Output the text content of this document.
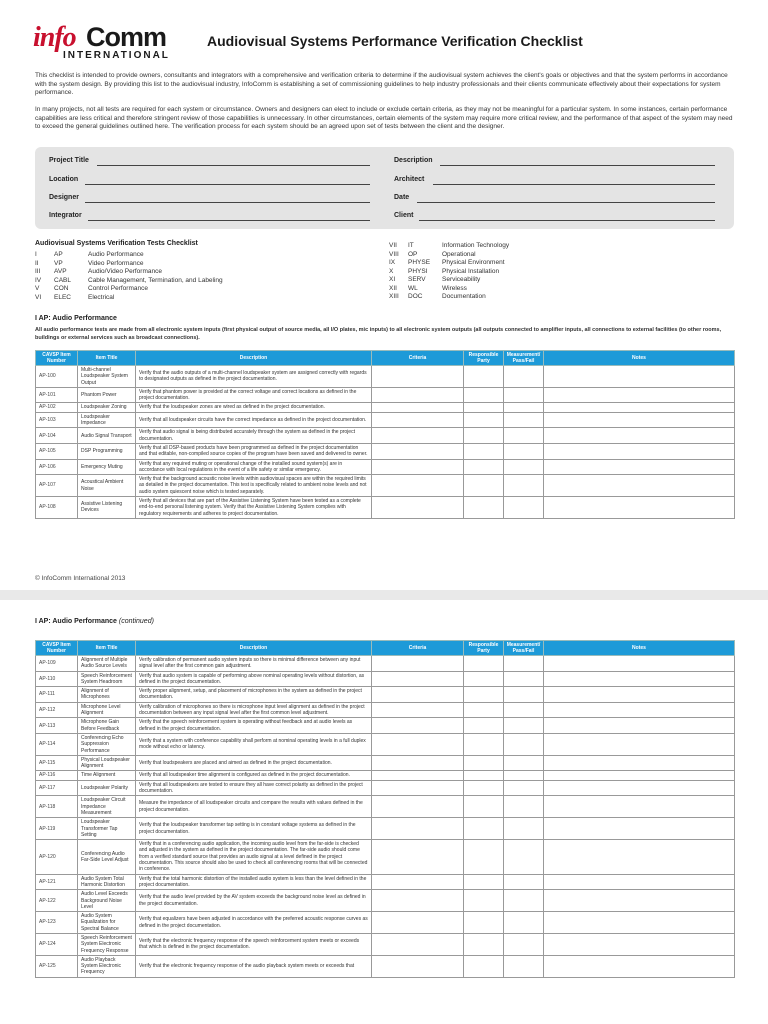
info Comm
INTERNATIONAL
Audiovisual Systems Performance Verification Checklist

This checklist is intended to provide owners, consultants and integrators with a comprehensive and verification criteria to determine if the audiovisual system achieves the client's goals or objectives and that the system performs in accordance with the system design. By providing this list to the audiovisual industry, InfoComm is establishing a set of commissioning guidelines to help industry professionals and their clients communicate effectively about their expectations for system performance.

In many projects, not all tests are required for each system or circumstance. Owners and designers can elect to include or exclude certain criteria, as they may not be meaningful for a particular system. In some instances, certain performance capabilities are less critical and therefore stringent review of those capabilities is unnecessary. In other circumstances, certain elements of the system may require more critical review, and the performance of that aspect of the system may need to exceed the general guidelines outlined here. The verification process for each system should be an agreed upon set of tests between the client and the designer.

Project Title
Location
Designer
Integrator
Description
Architect
Date
Client
Audiovisual Systems Verification Tests Checklist
I	AP	Audio Performance
II VP	Video Performance
III AVP	Audio/Video Performance
IV CABL	Cable Management, Termination, and Labeling
V CON	Control Performance
VI ELEC	Electrical
VII IT	Information Technology
VIII OP	Operational
IX PHYSE Physical Environment
X PHYSI Physical Installation
XI SERV	Serviceability
XII WL	Wireless
XIII DOC	Documentation
I AP: Audio Performance

All audio performance tests are made from all electronic system inputs (first physical output of source media, all I/O plates, mic inputs) to all electronic system outputs (all outputs connected to amplifier inputs, all connections to external facilities (to other rooms, buildings or external services such as broadcast connections).

CAVSP Item Number	Item Title	Description	Criteria	Responsible Party	Measurement/ Pass/Fail	Notes
AP-100	Multi-channel Loudspeaker System Output	Verify that the audio outputs of a multi-channel loudspeaker system are assigned correctly with regards to designated outputs as defined in the project documentation.				
AP-101	Phantom Power	Verify that phantom power is provided at the correct voltage and correct locations as defined in the project documentation.				
AP-102	Loudspeaker Zoning	Verify that the loudspeaker zones are wired as defined in the project documentation.				
AP-103	Loudspeaker Impedance	Verify that all loudspeaker circuits have the correct impedance as defined in the project documentation.				
AP-104	Audio Signal Transport	Verify that audio signal is being distributed accurately through the system as defined in the project documentation.				
AP-105	DSP Programming	Verify that all DSP-based products have been programmed as defined in the project documentation and that editable, non-compiled source copies of the program have been saved and delivered to owner.				
AP-106	Emergency Muting	Verify that any required muting or operational change of the installed sound system(s) are in accordance with local regulations in the event of a life safety or similar emergency.				
AP-107	Acoustical Ambient Noise	Verify that the background acoustic noise levels within audiovisual spaces are within the required limits as detailed in the project documentation. This test is specifically related to ambient noise levels and not audio system quiescent noise which is tested separately.				
AP-108	Assistive Listening Devices	Verify that all devices that are part of the Assistive Listening System have been tested as a complete end-to-end personal listening system. Verify that the Assistive Listening System complies with regulatory requirements and adheres to project documentation.				
© InfoComm International 2013
I AP: Audio Performance (continued)
CAVSP Item Number	Item Title	Description	Criteria	Responsible Party	Measurement/ Pass/Fail	Notes
AP-109	Alignment of Multiple Audio Source Levels	Verify calibration of permanent audio system inputs so there is minimal difference between any input signal level after the first common gain adjustment.				
AP-110	Speech Reinforcement System Headroom	Verify that audio system is capable of performing above nominal operating levels without distortion, as defined in the project documentation.				
AP-111	Alignment of Microphones	Verify proper alignment, setup, and placement of microphones in the system as defined in the project documentation.				
AP-112	Microphone Level Alignment	Verify calibration of microphones so there is microphone input level alignment as defined in the project documentation between any input signal level after the first common level adjustment.				
AP-113	Microphone Gain Before Feedback	Verify that the speech reinforcement system is operating without feedback and at audio levels as defined in the project documentation.				
AP-114	Conferencing Echo Suppression Performance	Verify that a system with conference capability shall perform at nominal operating levels in a full duplex mode without echo or latency.				
AP-115	Physical Loudspeaker Alignment	Verify that loudspeakers are placed and aimed as defined in the project documentation.				
AP-116	Time Alignment	Verify that all loudspeaker time alignment is configured as defined in the project documentation.				
AP-117	Loudspeaker Polarity	Verify that all loudspeakers are tested to ensure they all have correct polarity as defined in the project documentation.				
AP-118	Loudspeaker Circuit Impedance Measurement	Measure the impedance of all loudspeaker circuits and compare the results with values defined in the project documentation.				
AP-119	Loudspeaker Transformer Tap Setting	Verify that the loudspeaker transformer tap setting is in constant voltage systems as defined in the project documentation.				
AP-120	Conferencing Audio Far-Side Level Adjust	Verify that in a conferencing audio application, the incoming audio level from the far-side is checked and adjusted in the system as defined in the project documentation. The far-side audio should come from a verified standard source that provides an audio signal at a level defined in the project documentation. This source should also be used to check all conferencing rooms that will be connected in conference.				
AP-121	Audio System Total Harmonic Distortion	Verify that the total harmonic distortion of the installed audio system is less than the level defined in the project documentation.				
AP-122	Audio Level Exceeds Background Noise Level	Verify that the audio level provided by the AV system exceeds the background noise level as defined in the project documentation.				
AP-123	Audio System Equalization for Spectral Balance	Verify that equalizers have been adjusted in accordance with the preferred acoustic response curves as defined in the project documentation.				
AP-124	Speech Reinforcement System Electronic Frequency Response	Verify that the electronic frequency response of the speech reinforcement system meets or exceeds that which is defined in the project documentation.				
AP-125	Audio Playback System Electronic Frequency	Verify that the electronic frequency response of the audio playback system meets or exceeds that				
